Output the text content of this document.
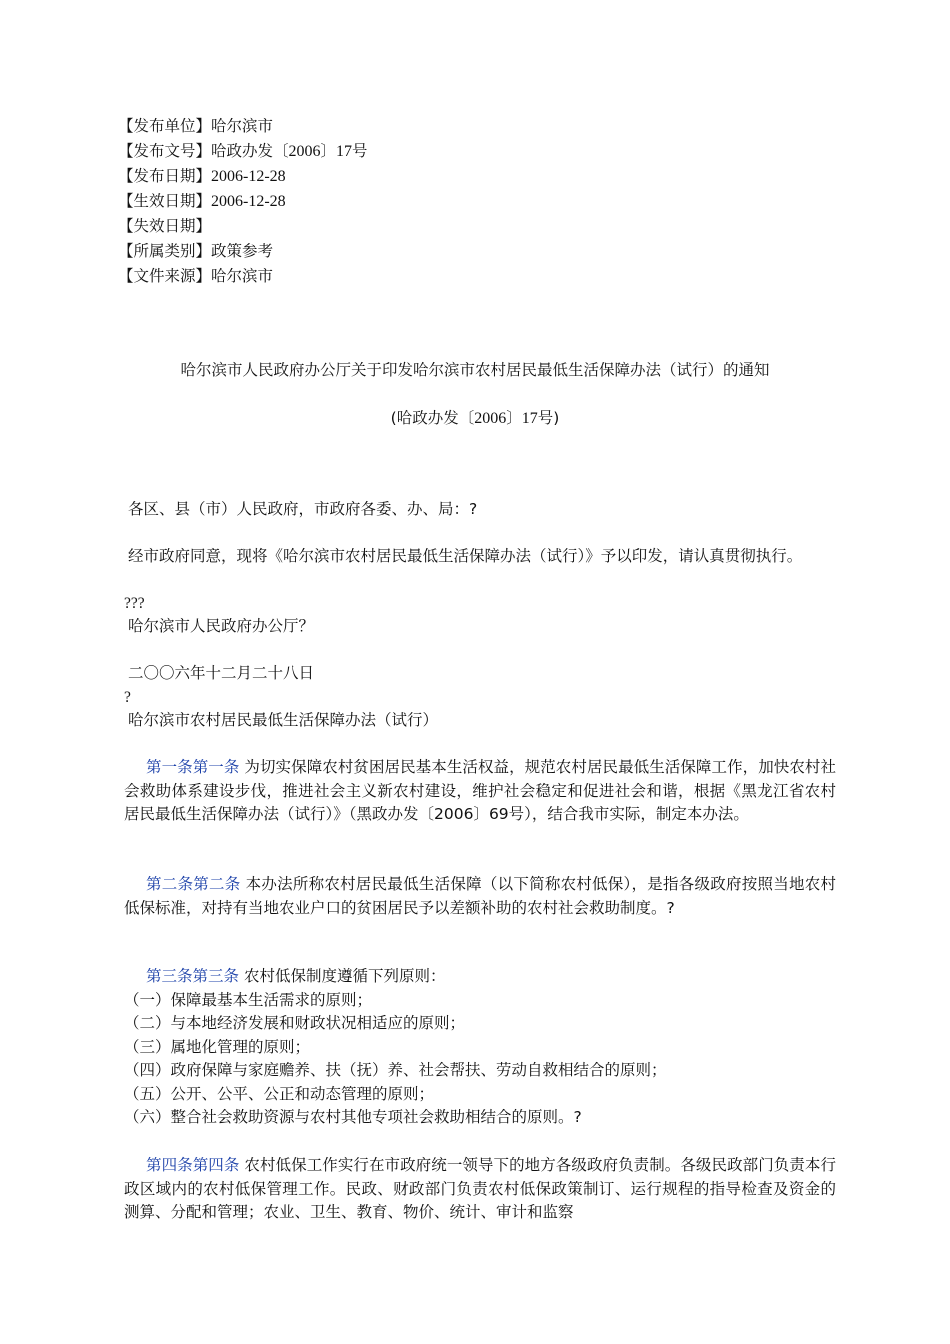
【发布单位】哈尔滨市
【发布文号】哈政办发〔2006〕17号
【发布日期】2006-12-28
【生效日期】2006-12-28
【失效日期】
【所属类别】政策参考
【文件来源】哈尔滨市
哈尔滨市人民政府办公厅关于印发哈尔滨市农村居民最低生活保障办法（试行）的通知
(哈政办发〔2006〕17号)
各区、县（市）人民政府，市政府各委、办、局：?
经市政府同意，现将《哈尔滨市农村居民最低生活保障办法（试行）》予以印发，请认真贯彻执行。
???
哈尔滨市人民政府办公厅？
二〇〇六年十二月二十八日
?
哈尔滨市农村居民最低生活保障办法（试行）
第一条第一条 为切实保障农村贫困居民基本生活权益，规范农村居民最低生活保障工作，加快农村社会救助体系建设步伐，推进社会主义新农村建设，维护社会稳定和促进社会和谐，根据《黑龙江省农村居民最低生活保障办法（试行）》（黑政办发〔2006〕69号），结合我市实际，制定本办法。
第二条第二条 本办法所称农村居民最低生活保障（以下简称农村低保），是指各级政府按照当地农村低保标准，对持有当地农业户口的贫困居民予以差额补助的农村社会救助制度。?
第三条第三条 农村低保制度遵循下列原则：
（一）保障最基本生活需求的原则；
（二）与本地经济发展和财政状况相适应的原则；
（三）属地化管理的原则；
（四）政府保障与家庭赡养、扶（抚）养、社会帮扶、劳动自救相结合的原则；
（五）公开、公平、公正和动态管理的原则；
（六）整合社会救助资源与农村其他专项社会救助相结合的原则。?
第四条第四条 农村低保工作实行在市政府统一领导下的地方各级政府负责制。各级民政部门负责本行政区域内的农村低保管理工作。民政、财政部门负责农村低保政策制订、运行规程的指导检查及资金的测算、分配和管理；农业、卫生、教育、物价、统计、审计和监察
